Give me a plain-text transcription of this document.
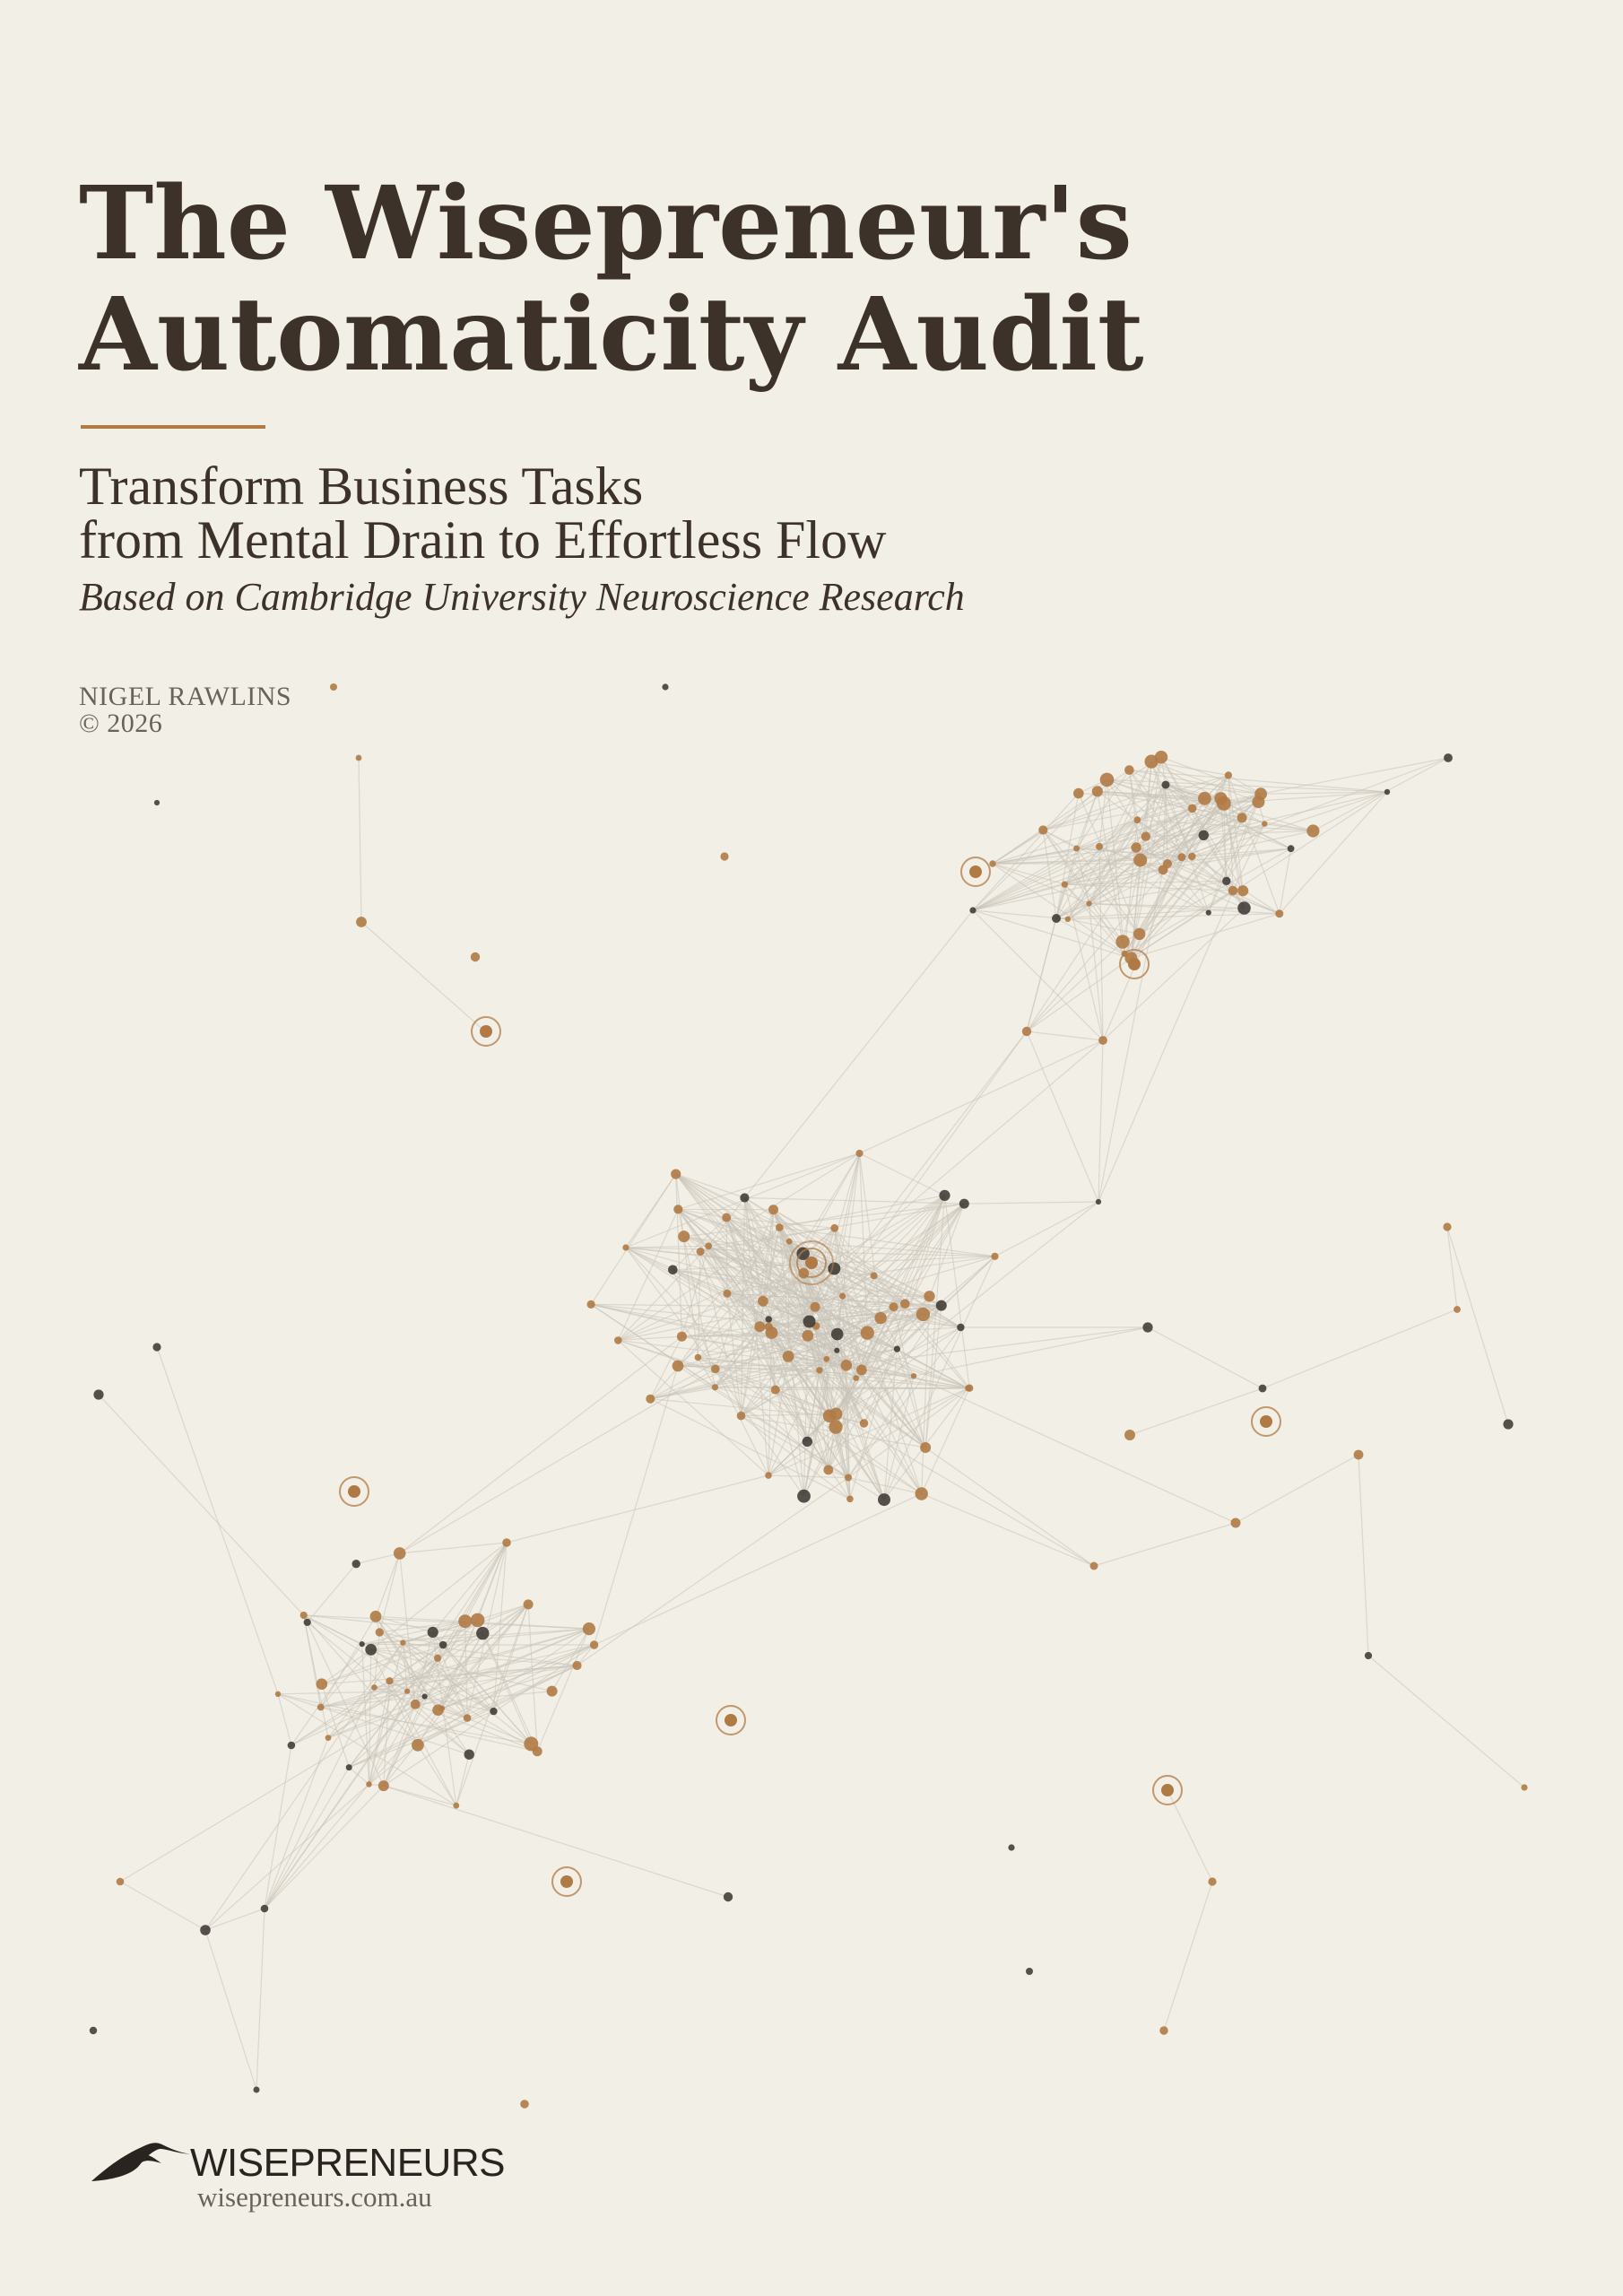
The Wisepreneur's
Automaticity Audit
Transform Business Tasks
from Mental Drain to Effortless Flow
Based on Cambridge University Neuroscience Research
NIGEL RAWLINS
© 2026
WISEPRENEURS
wisepreneurs.com.au
